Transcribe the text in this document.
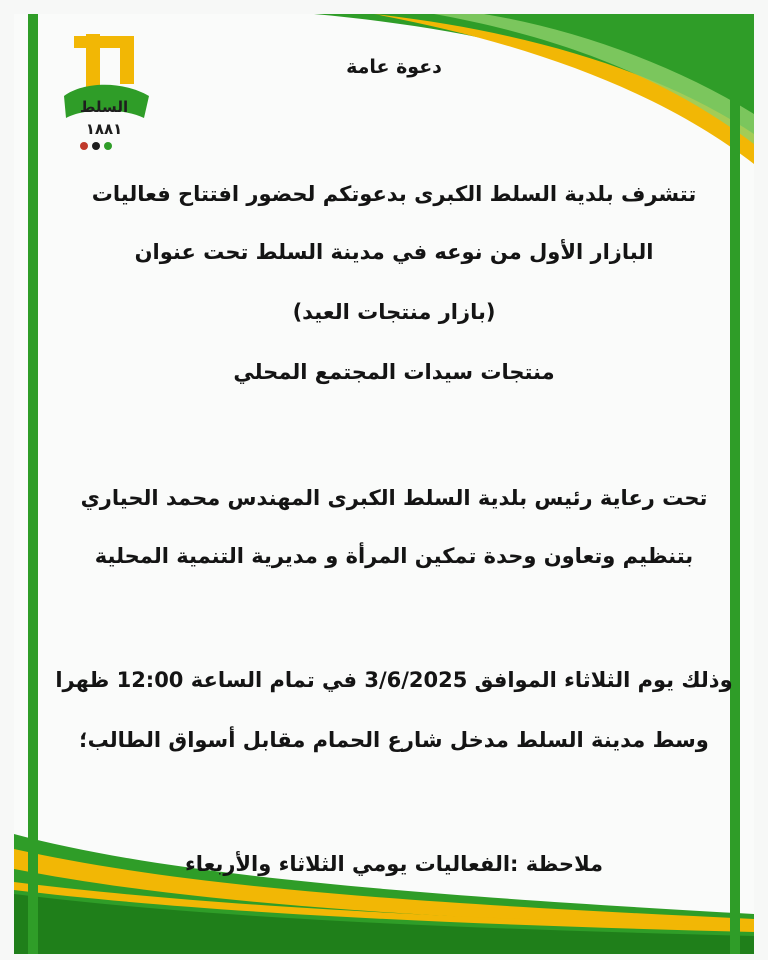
السلط
١٨٨١
دعوة عامة
تتشرف بلدية السلط الكبرى بدعوتكم لحضور افتتاح فعاليات
البازار الأول من نوعه في مدينة السلط تحت عنوان
(بازار منتجات العيد)
منتجات سيدات المجتمع المحلي
تحت رعاية رئيس بلدية السلط الكبرى المهندس محمد الحياري
بتنظيم وتعاون وحدة تمكين المرأة و مديرية التنمية المحلية
وذلك يوم الثلاثاء الموافق 3/6/2025 في تمام الساعة 12:00 ظهرا
وسط مدينة السلط مدخل شارع الحمام مقابل أسواق الطالب؛
ملاحظة :الفعاليات يومي الثلاثاء والأربعاء
